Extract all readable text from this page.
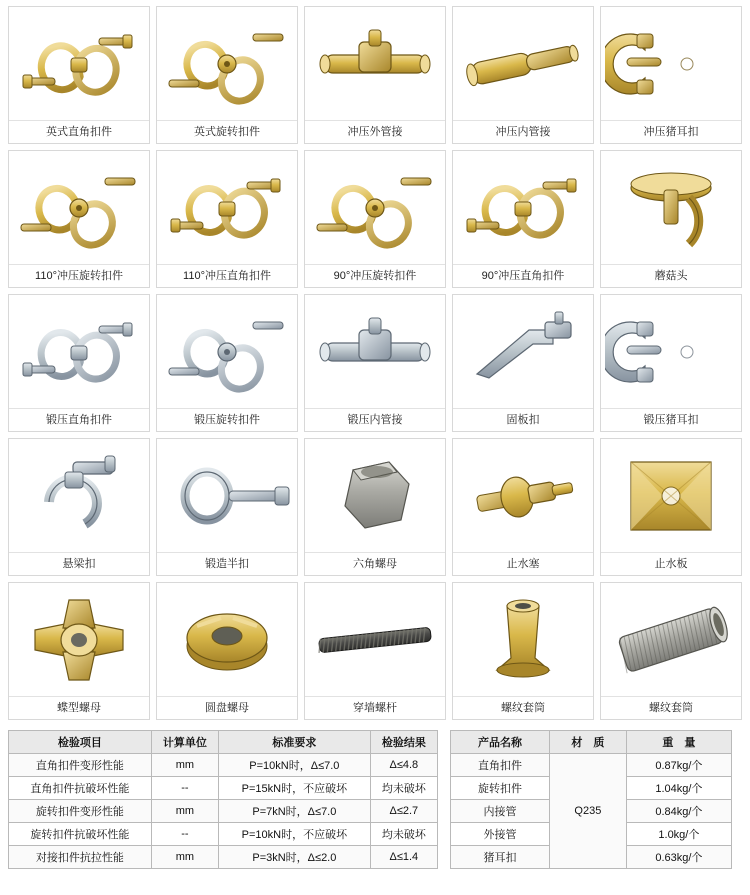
英式直角扣件	英式旋转扣件	冲压外管接	冲压内管接	冲压猪耳扣
110°冲压旋转扣件	110°冲压直角扣件	90°冲压旋转扣件	90°冲压直角扣件	蘑菇头
锻压直角扣件	锻压旋转扣件	锻压内管接	固板扣	锻压猪耳扣
悬梁扣	锻造半扣	六角螺母	止水塞	止水板
蝶型螺母	圆盘螺母	穿墙螺杆	螺纹套筒	螺纹套筒
检验项目	计算单位	标准要求	检验结果
直角扣件变形性能	mm	P=10kN时，Δ≤7.0	Δ≤4.8
直角扣件抗破坏性能	--	P=15kN时，不应破坏	均未破坏
旋转扣件变形性能	mm	P=7kN时，Δ≤7.0	Δ≤2.7
旋转扣件抗破坏性能	--	P=10kN时，不应破坏	均未破坏
对接扣件抗拉性能	mm	P=3kN时，Δ≤2.0	Δ≤1.4
产品名称	材　质	重　量
直角扣件	Q235	0.87kg/个
旋转扣件		1.04kg/个
内接管		0.84kg/个
外接管		1.0kg/个
猪耳扣		0.63kg/个
